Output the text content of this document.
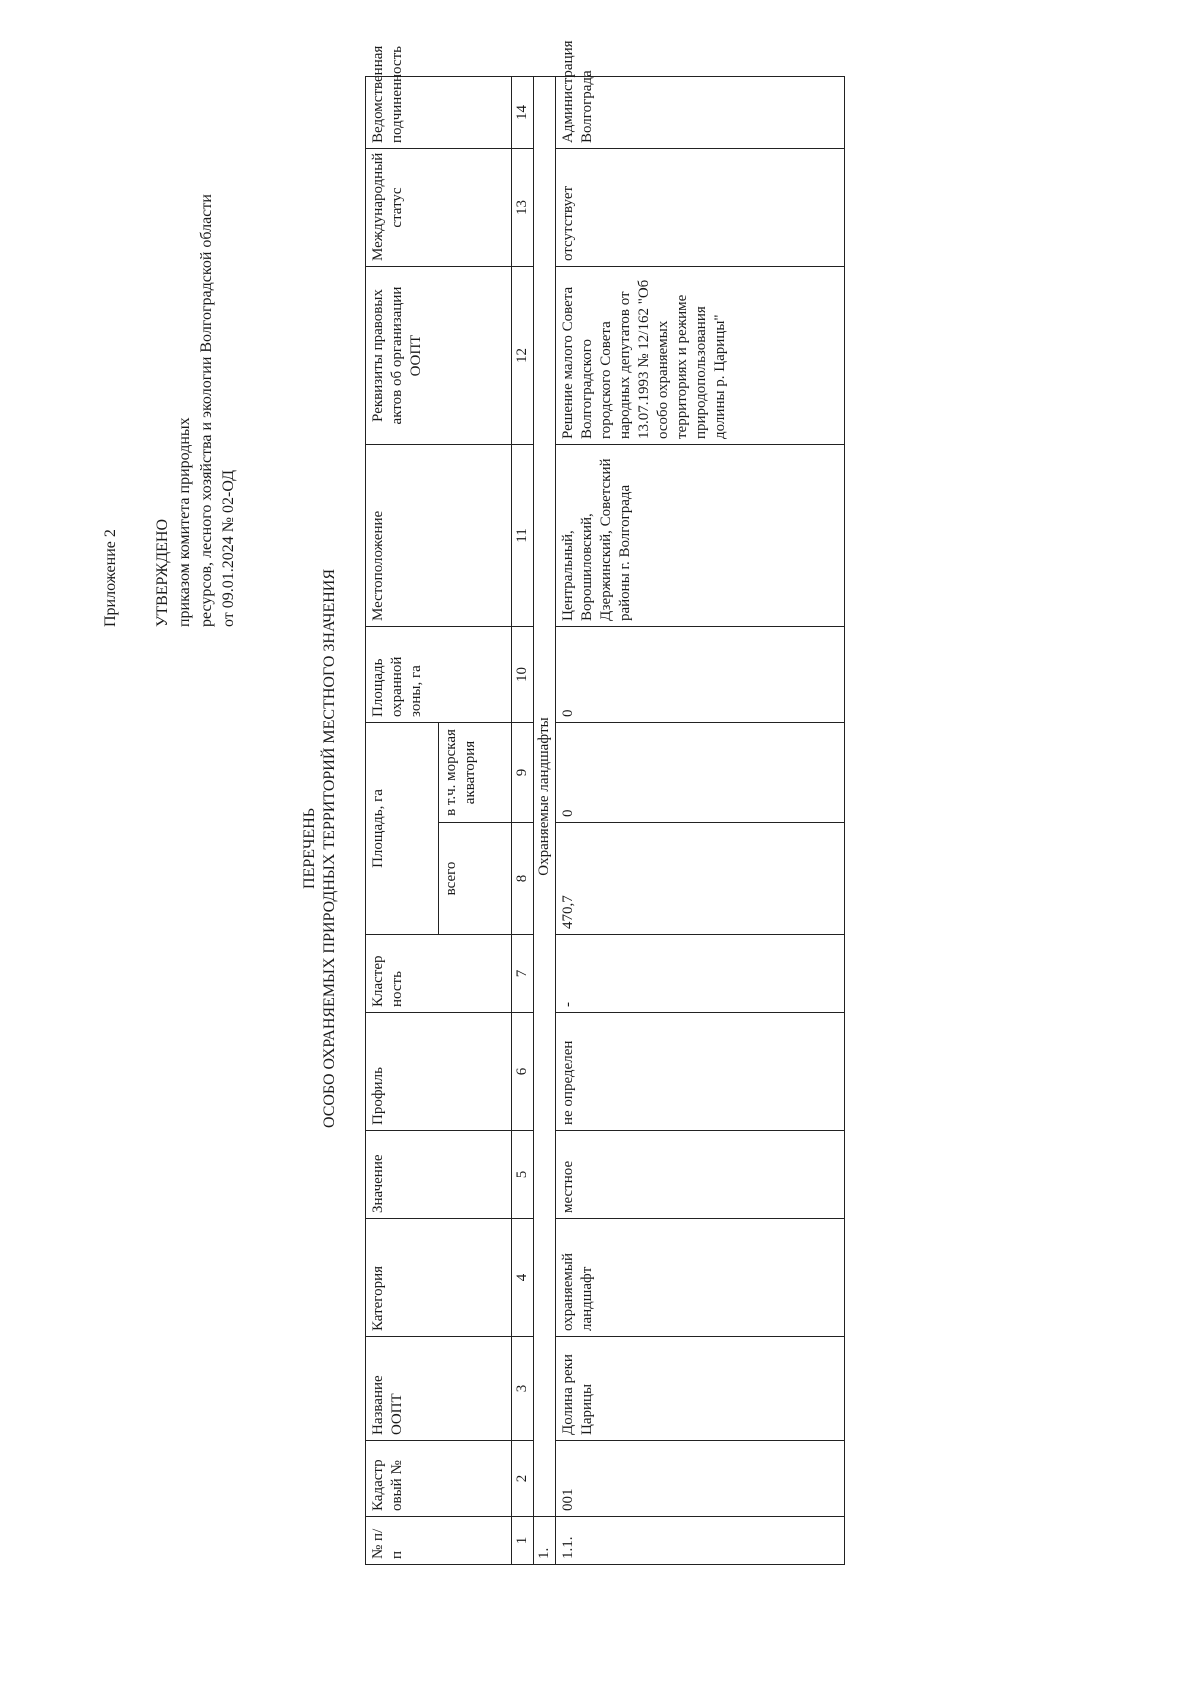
Приложение 2 УТВЕРЖДЕНО приказом комитета природных ресурсов, лесного хозяйства и экологии Волгоградской области от 09.01.2024 № 02-ОД
ПЕРЕЧЕНЬ ОСОБО ОХРАНЯЕМЫХ ПРИРОДНЫХ ТЕРРИТОРИЙ МЕСТНОГО ЗНАЧЕНИЯ
№ п/п	Кадастр овый №	Название ООПТ	Категория	Значение	Профиль	Кластер ность	Площадь, га		Площадь охранной зоны, га	Местоположение	Реквизиты правовых актов об организации ООПТ	Международный статус	Ведомственная подчиненность
							всего	в т.ч. морская акватория					
1	2	3	4	5	6	7	8	9	10	11	12	13	14
1.	Охраняемые ландшафты												
1.1.	001	Долина реки Царицы	охраняемый ландшафт	местное	не определен	-	470,7	0	0	Центральный, Ворошиловский, Дзержинский, Советский районы г. Волгограда	Решение малого Совета Волгоградского городского Совета народных депутатов от 13.07.1993 № 12/162 "Об особо охраняемых территориях и режиме природопользования долины р. Царицы"	отсутствует	Администрация Волгограда
